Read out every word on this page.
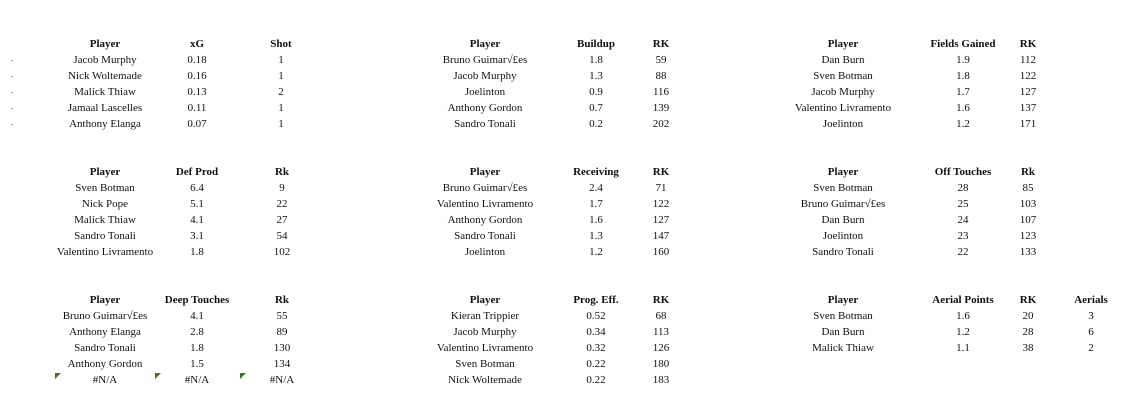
Player	xG	Shot
Jacob Murphy	0.18	1
Nick Woltemade	0.16	1
Malick Thiaw	0.13	2
Jamaal Lascelles	0.11	1
Anthony Elanga	0.07	1
Player	Buildup	RK
Bruno Guimar√£es	1.8	59
Jacob Murphy	1.3	88
Joelinton	0.9	116
Anthony Gordon	0.7	139
Sandro Tonali	0.2	202
Player	Fields Gained	RK
Dan Burn	1.9	112
Sven Botman	1.8	122
Jacob Murphy	1.7	127
Valentino Livramento	1.6	137
Joelinton	1.2	171
Player	Def Prod	Rk
Sven Botman	6.4	9
Nick Pope	5.1	22
Malick Thiaw	4.1	27
Sandro Tonali	3.1	54
Valentino Livramento	1.8	102
Player	Receiving	RK
Bruno Guimar√£es	2.4	71
Valentino Livramento	1.7	122
Anthony Gordon	1.6	127
Sandro Tonali	1.3	147
Joelinton	1.2	160
Player	Off Touches	Rk
Sven Botman	28	85
Bruno Guimar√£es	25	103
Dan Burn	24	107
Joelinton	23	123
Sandro Tonali	22	133
Player	Deep Touches	Rk
Bruno Guimar√£es	4.1	55
Anthony Elanga	2.8	89
Sandro Tonali	1.8	130
Anthony Gordon	1.5	134
#N/A	#N/A	#N/A
Player	Prog. Eff.	RK
Kieran Trippier	0.52	68
Jacob Murphy	0.34	113
Valentino Livramento	0.32	126
Sven Botman	0.22	180
Nick Woltemade	0.22	183
Player	Aerial Points	RK	Aerials
Sven Botman	1.6	20	3
Dan Burn	1.2	28	6
Malick Thiaw	1.1	38	2
